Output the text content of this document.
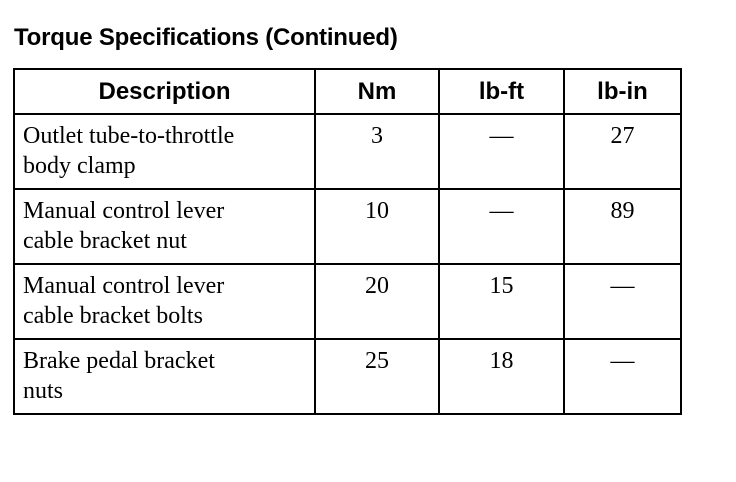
Torque Specifications (Continued)
Description	Nm	lb-ft	lb-in
Outlet tube-to-throttle
body clamp	3	—	27
Manual control lever
cable bracket nut	10	—	89
Manual control lever
cable bracket bolts	20	15	—
Brake pedal bracket
nuts	25	18	—
